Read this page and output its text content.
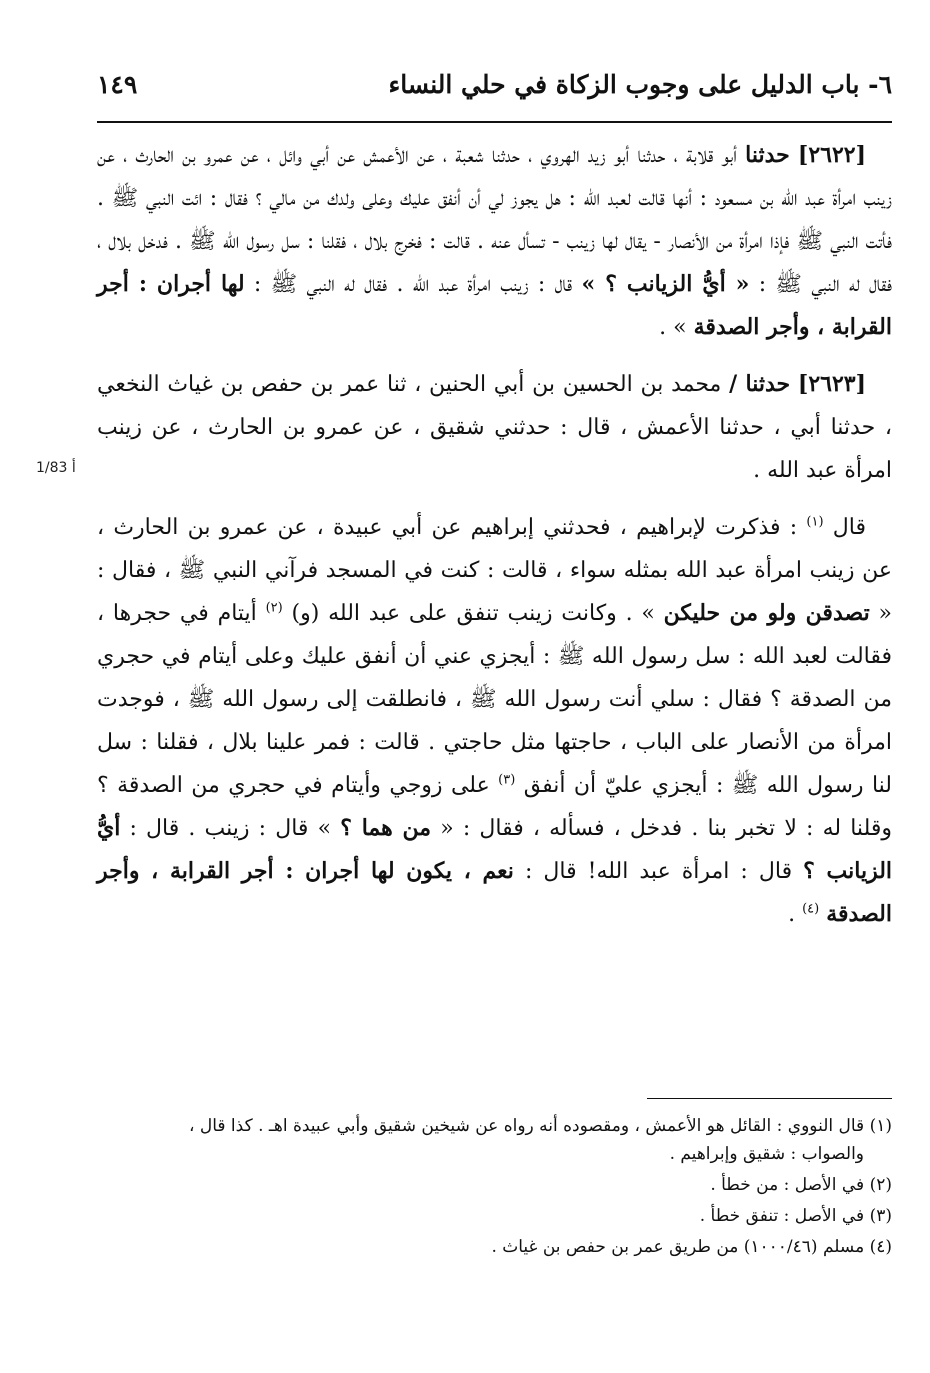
٦- باب الدليل على وجوب الزكاة في حلي النساء
١٤٩
1/83 أ

[٢٦٢٢] حدثنا أبو قلابة ، حدثنا أبو زيد الهروي ، حدثنا شعبة ، عن الأعمش عن أبي وائل ، عن عمرو بن الحارث ، عن زينب امرأة عبد الله بن مسعود : أنها قالت لعبد الله : هل يجوز لي أن أنفق عليك وعلى ولدك من مالي ؟ فقال : ائت النبي ﷺ . فأتت النبي ﷺ فإذا امرأة من الأنصار - يقال لها زينب - تسأل عنه . قالت : فخرج بلال ، فقلنا : سل رسول الله ﷺ . فدخل بلال ، فقال له النبي ﷺ : « أيُّ الزيانب ؟ » قال : زينب امرأة عبد الله . فقال له النبي ﷺ : لها أجران : أجر القرابة ، وأجر الصدقة » .

[٢٦٢٣] حدثنا / محمد بن الحسين بن أبي الحنين ، ثنا عمر بن حفص بن غياث النخعي ، حدثنا أبي ، حدثنا الأعمش ، قال : حدثني شقيق ، عن عمرو بن الحارث ، عن زينب امرأة عبد الله .

قال $^{(١)}$ : فذكرت لإبراهيم ، فحدثني إبراهيم عن أبي عبيدة ، عن عمرو بن الحارث ، عن زينب امرأة عبد الله بمثله سواء ، قالت : كنت في المسجد فرآني النبي ﷺ ، فقال : « تصدقن ولو من حليكن » . وكانت زينب تنفق على عبد الله (و) $^{(٢)}$ أيتام في حجرها ، فقالت لعبد الله : سل رسول الله ﷺ : أيجزي عني أن أنفق عليك وعلى أيتام في حجري من الصدقة ؟ فقال : سلي أنت رسول الله ﷺ ، فانطلقت إلى رسول الله ﷺ ، فوجدت امرأة من الأنصار على الباب ، حاجتها مثل حاجتي . قالت : فمر علينا بلال ، فقلنا : سل لنا رسول الله ﷺ : أيجزي عليّ أن أنفق $^{(٣)}$ على زوجي وأيتام في حجري من الصدقة ؟ وقلنا له : لا تخبر بنا . فدخل ، فسأله ، فقال : « من هما ؟ » قال : زينب . قال : أيُّ الزيانب ؟ قال : امرأة عبد الله! قال : نعم ، يكون لها أجران : أجر القرابة ، وأجر الصدقة $^{(٤)}$ .

(١) قال النووي : القائل هو الأعمش ، ومقصوده أنه رواه عن شيخين شقيق وأبي عبيدة اهـ . كذا قال ،
والصواب : شقيق وإبراهيم .
(٢) في الأصل : من خطأ .
(٣) في الأصل : تنفق خطأ .
(٤) مسلم (١٠٠٠/٤٦) من طريق عمر بن حفص بن غياث .
